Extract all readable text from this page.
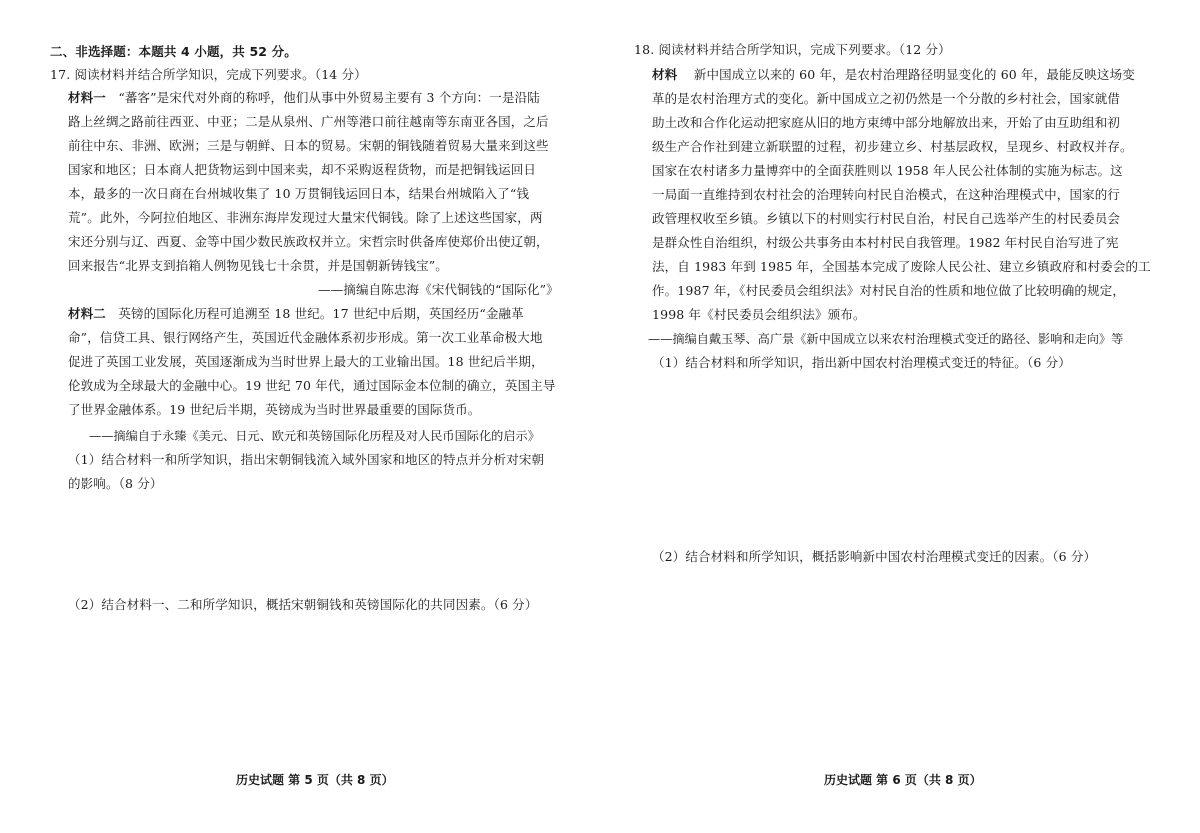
二、非选择题：本题共 4 小题，共 52 分。
17. 阅读材料并结合所学知识，完成下列要求。（14 分）
材料一 “蕃客”是宋代对外商的称呼，他们从事中外贸易主要有 3 个方向：一是沿陆
路上丝绸之路前往西亚、中亚；二是从泉州、广州等港口前往越南等东南亚各国，之后
前往中东、非洲、欧洲；三是与朝鲜、日本的贸易。宋朝的铜钱随着贸易大量来到这些
国家和地区；日本商人把货物运到中国来卖，却不采购返程货物，而是把铜钱运回日
本，最多的一次日商在台州城收集了 10 万贯铜钱运回日本，结果台州城陷入了“钱
荒”。此外，今阿拉伯地区、非洲东海岸发现过大量宋代铜钱。除了上述这些国家，两
宋还分别与辽、西夏、金等中国少数民族政权并立。宋哲宗时供备库使郑价出使辽朝，
回来报告“北界支到掐箱人例物见钱七十余贯，并是国朝新铸钱宝”。
——摘编自陈忠海《宋代铜钱的“国际化”》
材料二 英镑的国际化历程可追溯至 18 世纪。17 世纪中后期，英国经历“金融革
命”，信贷工具、银行网络产生，英国近代金融体系初步形成。第一次工业革命极大地
促进了英国工业发展，英国逐渐成为当时世界上最大的工业输出国。18 世纪后半期，
伦敦成为全球最大的金融中心。19 世纪 70 年代，通过国际金本位制的确立，英国主导
了世界金融体系。19 世纪后半期，英镑成为当时世界最重要的国际货币。
——摘编自于永臻《美元、日元、欧元和英镑国际化历程及对人民币国际化的启示》
（1）结合材料一和所学知识，指出宋朝铜钱流入域外国家和地区的特点并分析对宋朝
的影响。（8 分）
（2）结合材料一、二和所学知识，概括宋朝铜钱和英镑国际化的共同因素。（6 分）
历史试题 第 5 页（共 8 页）
18. 阅读材料并结合所学知识，完成下列要求。（12 分）
材料 新中国成立以来的 60 年，是农村治理路径明显变化的 60 年，最能反映这场变
革的是农村治理方式的变化。新中国成立之初仍然是一个分散的乡村社会，国家就借
助土改和合作化运动把家庭从旧的地方束缚中部分地解放出来，开始了由互助组和初
级生产合作社到建立新联盟的过程，初步建立乡、村基层政权，呈现乡、村政权并存。
国家在农村诸多力量博弈中的全面获胜则以 1958 年人民公社体制的实施为标志。这
一局面一直维持到农村社会的治理转向村民自治模式，在这种治理模式中，国家的行
政管理权收至乡镇。乡镇以下的村则实行村民自治，村民自己选举产生的村民委员会
是群众性自治组织，村级公共事务由本村村民自我管理。1982 年村民自治写进了宪
法，自 1983 年到 1985 年，全国基本完成了废除人民公社、建立乡镇政府和村委会的工
作。1987 年，《村民委员会组织法》对村民自治的性质和地位做了比较明确的规定，
1998 年《村民委员会组织法》颁布。
——摘编自戴玉琴、高广景《新中国成立以来农村治理模式变迁的路径、影响和走向》等
（1）结合材料和所学知识，指出新中国农村治理模式变迁的特征。（6 分）
（2）结合材料和所学知识，概括影响新中国农村治理模式变迁的因素。（6 分）
历史试题 第 6 页（共 8 页）
